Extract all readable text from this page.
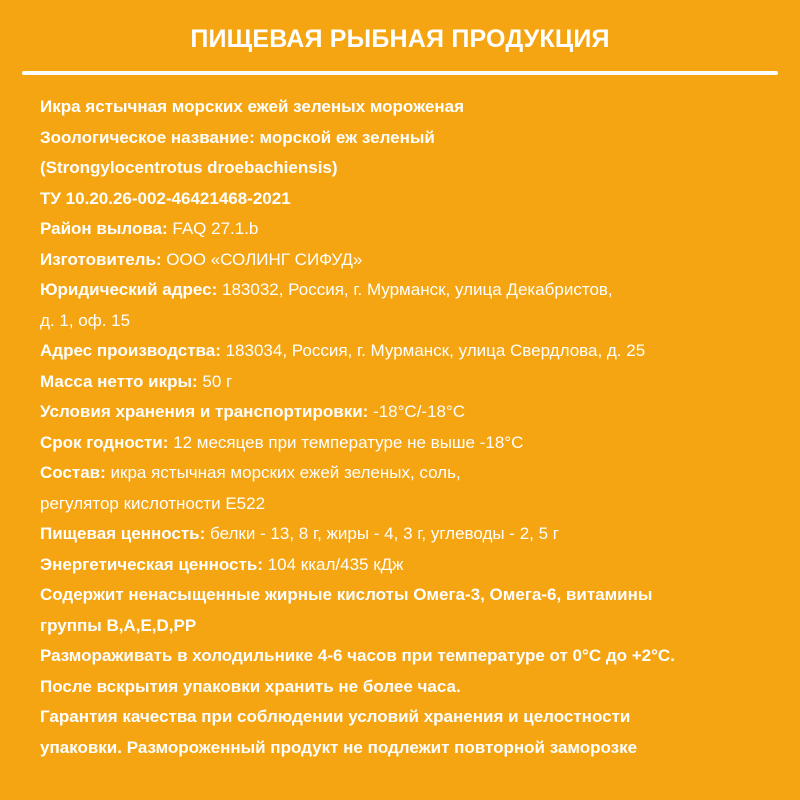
ПИЩЕВАЯ РЫБНАЯ ПРОДУКЦИЯ

Икра ястычная морских ежей зеленых мороженая

Зоологическое название: морской еж зеленый

(Strongylocentrotus droebachiensis)

ТУ 10.20.26-002-46421468-2021

Район вылова: FAQ 27.1.b

Изготовитель: ООО «СОЛИНГ СИФУД»

Юридический адрес: 183032, Россия, г. Мурманск, улица Декабристов,

д. 1, оф. 15

Адрес производства: 183034, Россия, г. Мурманск, улица Свердлова, д. 25

Масса нетто икры: 50 г

Условия хранения и транспортировки: -18°C/-18°C

Срок годности: 12 месяцев при температуре не выше -18°C

Состав: икра ястычная морских ежей зеленых, соль,

регулятор кислотности Е522

Пищевая ценность: белки - 13, 8 г, жиры - 4, 3 г, углеводы - 2, 5 г

Энергетическая ценность: 104 ккал/435 кДж

Содержит ненасыщенные жирные кислоты Омега-3, Омега-6, витамины

группы B,A,E,D,PP

Размораживать в холодильнике 4-6 часов при температуре от 0°С до +2°С.

После вскрытия упаковки хранить не более часа.

Гарантия качества при соблюдении условий хранения и целостности

упаковки. Размороженный продукт не подлежит повторной заморозке
